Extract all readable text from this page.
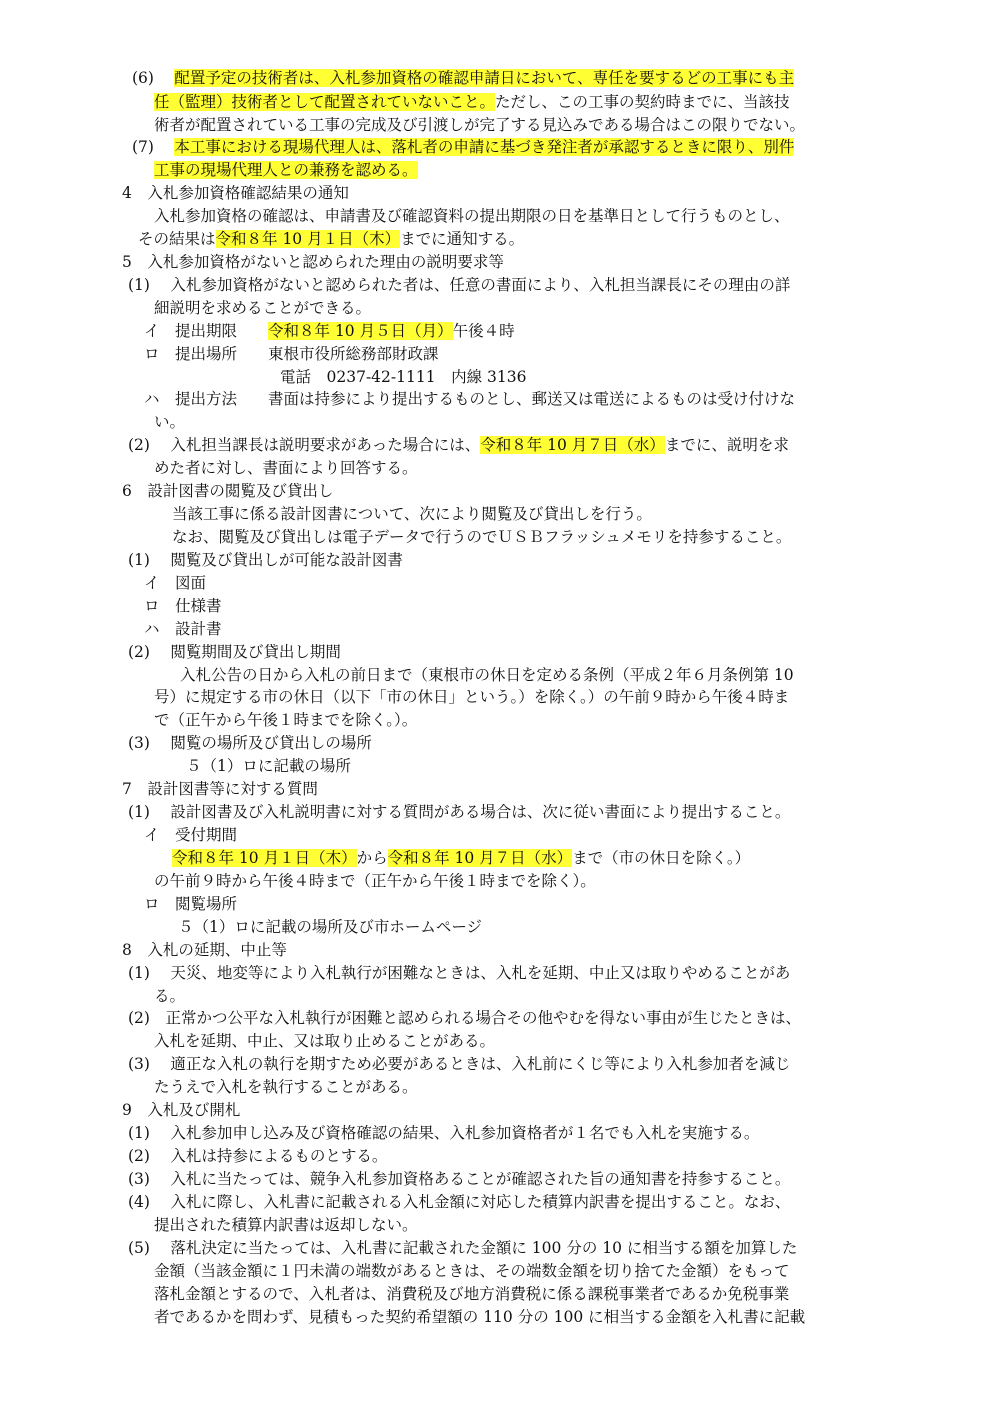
(6)　 配置予定の技術者は、入札参加資格の確認申請日において、専任を要するどの工事にも主
任（監理）技術者として配置されていないこと。ただし、この工事の契約時までに、当該技
術者が配置されている工事の完成及び引渡しが完了する見込みである場合はこの限りでない。
(7)　 本工事における現場代理人は、落札者の申請に基づき発注者が承認するときに限り、別件
工事の現場代理人との兼務を認める。
4　入札参加資格確認結果の通知
入札参加資格の確認は、申請書及び確認資料の提出期限の日を基準日として行うものとし、
その結果は令和８年 10 月１日（木）までに通知する。
5　入札参加資格がないと認められた理由の説明要求等
(1)　 入札参加資格がないと認められた者は、任意の書面により、入札担当課長にその理由の詳
細説明を求めることができる。
イ　提出期限　　令和８年 10 月５日（月）午後４時
ロ　提出場所　　東根市役所総務部財政課
電話　0237-42-1111　内線 3136
ハ　提出方法　　書面は持参により提出するものとし、郵送又は電送によるものは受け付けな
い。
(2)　 入札担当課長は説明要求があった場合には、令和８年 10 月７日（水）までに、説明を求
めた者に対し、書面により回答する。
6　設計図書の閲覧及び貸出し
当該工事に係る設計図書について、次により閲覧及び貸出しを行う。
なお、閲覧及び貸出しは電子データで行うのでＵＳＢフラッシュメモリを持参すること。
(1)　 閲覧及び貸出しが可能な設計図書
イ　図面
ロ　仕様書
ハ　設計書
(2)　 閲覧期間及び貸出し期間
入札公告の日から入札の前日まで（東根市の休日を定める条例（平成２年６月条例第 10
号）に規定する市の休日（以下「市の休日」という。）を除く。）の午前９時から午後４時ま
で（正午から午後１時までを除く。）。
(3)　 閲覧の場所及び貸出しの場所
５（1）ロに記載の場所
7　設計図書等に対する質問
(1)　 設計図書及び入札説明書に対する質問がある場合は、次に従い書面により提出すること。
イ　受付期間
令和８年 10 月１日（木）から令和８年 10 月７日（水）まで（市の休日を除く。）
の午前９時から午後４時まで（正午から午後１時までを除く）。
ロ　閲覧場所
５（1）ロに記載の場所及び市ホームページ
8　入札の延期、中止等
(1)　 天災、地変等により入札執行が困難なときは、入札を延期、中止又は取りやめることがあ
る。
(2)　正常かつ公平な入札執行が困難と認められる場合その他やむを得ない事由が生じたときは、
入札を延期、中止、又は取り止めることがある。
(3)　 適正な入札の執行を期すため必要があるときは、入札前にくじ等により入札参加者を減じ
たうえで入札を執行することがある。
9　入札及び開札
(1)　 入札参加申し込み及び資格確認の結果、入札参加資格者が１名でも入札を実施する。
(2)　 入札は持参によるものとする。
(3)　 入札に当たっては、競争入札参加資格あることが確認された旨の通知書を持参すること。
(4)　 入札に際し、入札書に記載される入札金額に対応した積算内訳書を提出すること。なお、
提出された積算内訳書は返却しない。
(5)　 落札決定に当たっては、入札書に記載された金額に 100 分の 10 に相当する額を加算した
金額（当該金額に１円未満の端数があるときは、その端数金額を切り捨てた金額）をもって
落札金額とするので、入札者は、消費税及び地方消費税に係る課税事業者であるか免税事業
者であるかを問わず、見積もった契約希望額の 110 分の 100 に相当する金額を入札書に記載
